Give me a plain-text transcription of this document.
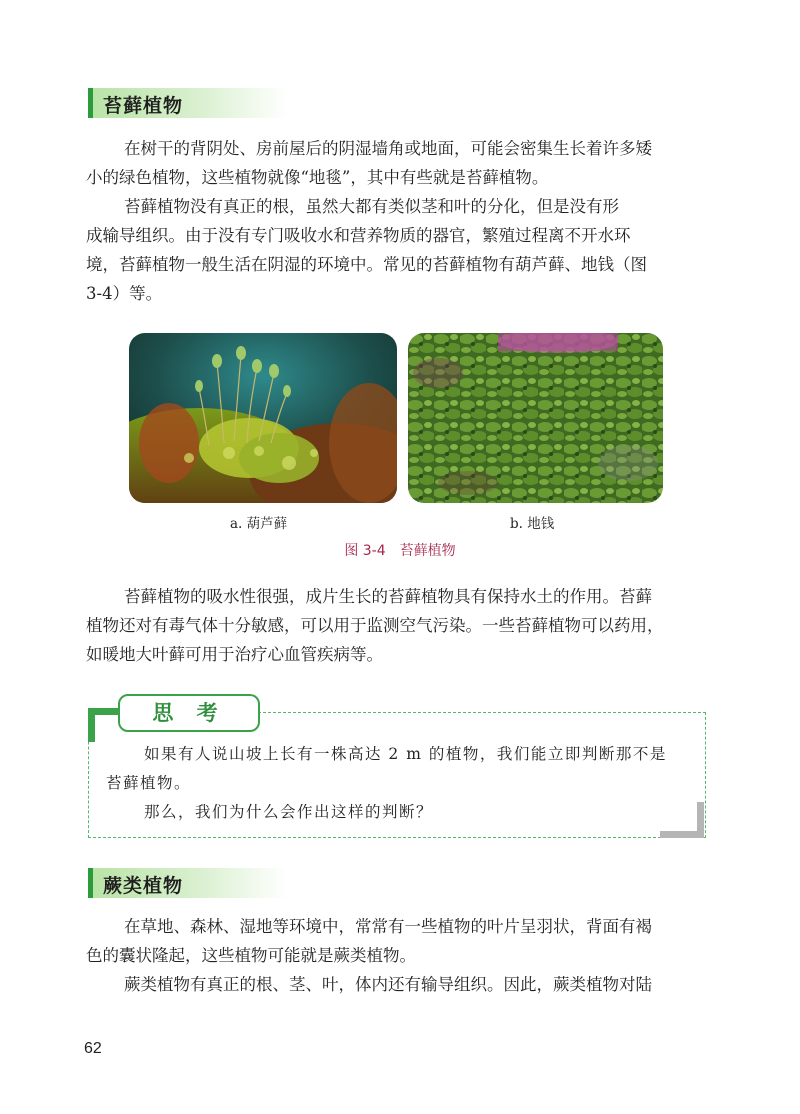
苔藓植物
在树干的背阴处、房前屋后的阴湿墙角或地面，可能会密集生长着许多矮
小的绿色植物，这些植物就像“地毯”，其中有些就是苔藓植物。
苔藓植物没有真正的根，虽然大都有类似茎和叶的分化，但是没有形
成输导组织。由于没有专门吸收水和营养物质的器官，繁殖过程离不开水环
境，苔藓植物一般生活在阴湿的环境中。常见的苔藓植物有葫芦藓、地钱（图
3-4）等。
a. 葫芦藓	b. 地钱
图 3-4　苔藓植物
苔藓植物的吸水性很强，成片生长的苔藓植物具有保持水土的作用。苔藓
植物还对有毒气体十分敏感，可以用于监测空气污染。一些苔藓植物可以药用，
如暖地大叶藓可用于治疗心血管疾病等。
思 考
如果有人说山坡上长有一株高达 2 m 的植物，我们能立即判断那不是
苔藓植物。
那么，我们为什么会作出这样的判断？
蕨类植物
在草地、森林、湿地等环境中，常常有一些植物的叶片呈羽状，背面有褐
色的囊状隆起，这些植物可能就是蕨类植物。
蕨类植物有真正的根、茎、叶，体内还有输导组织。因此，蕨类植物对陆
62
